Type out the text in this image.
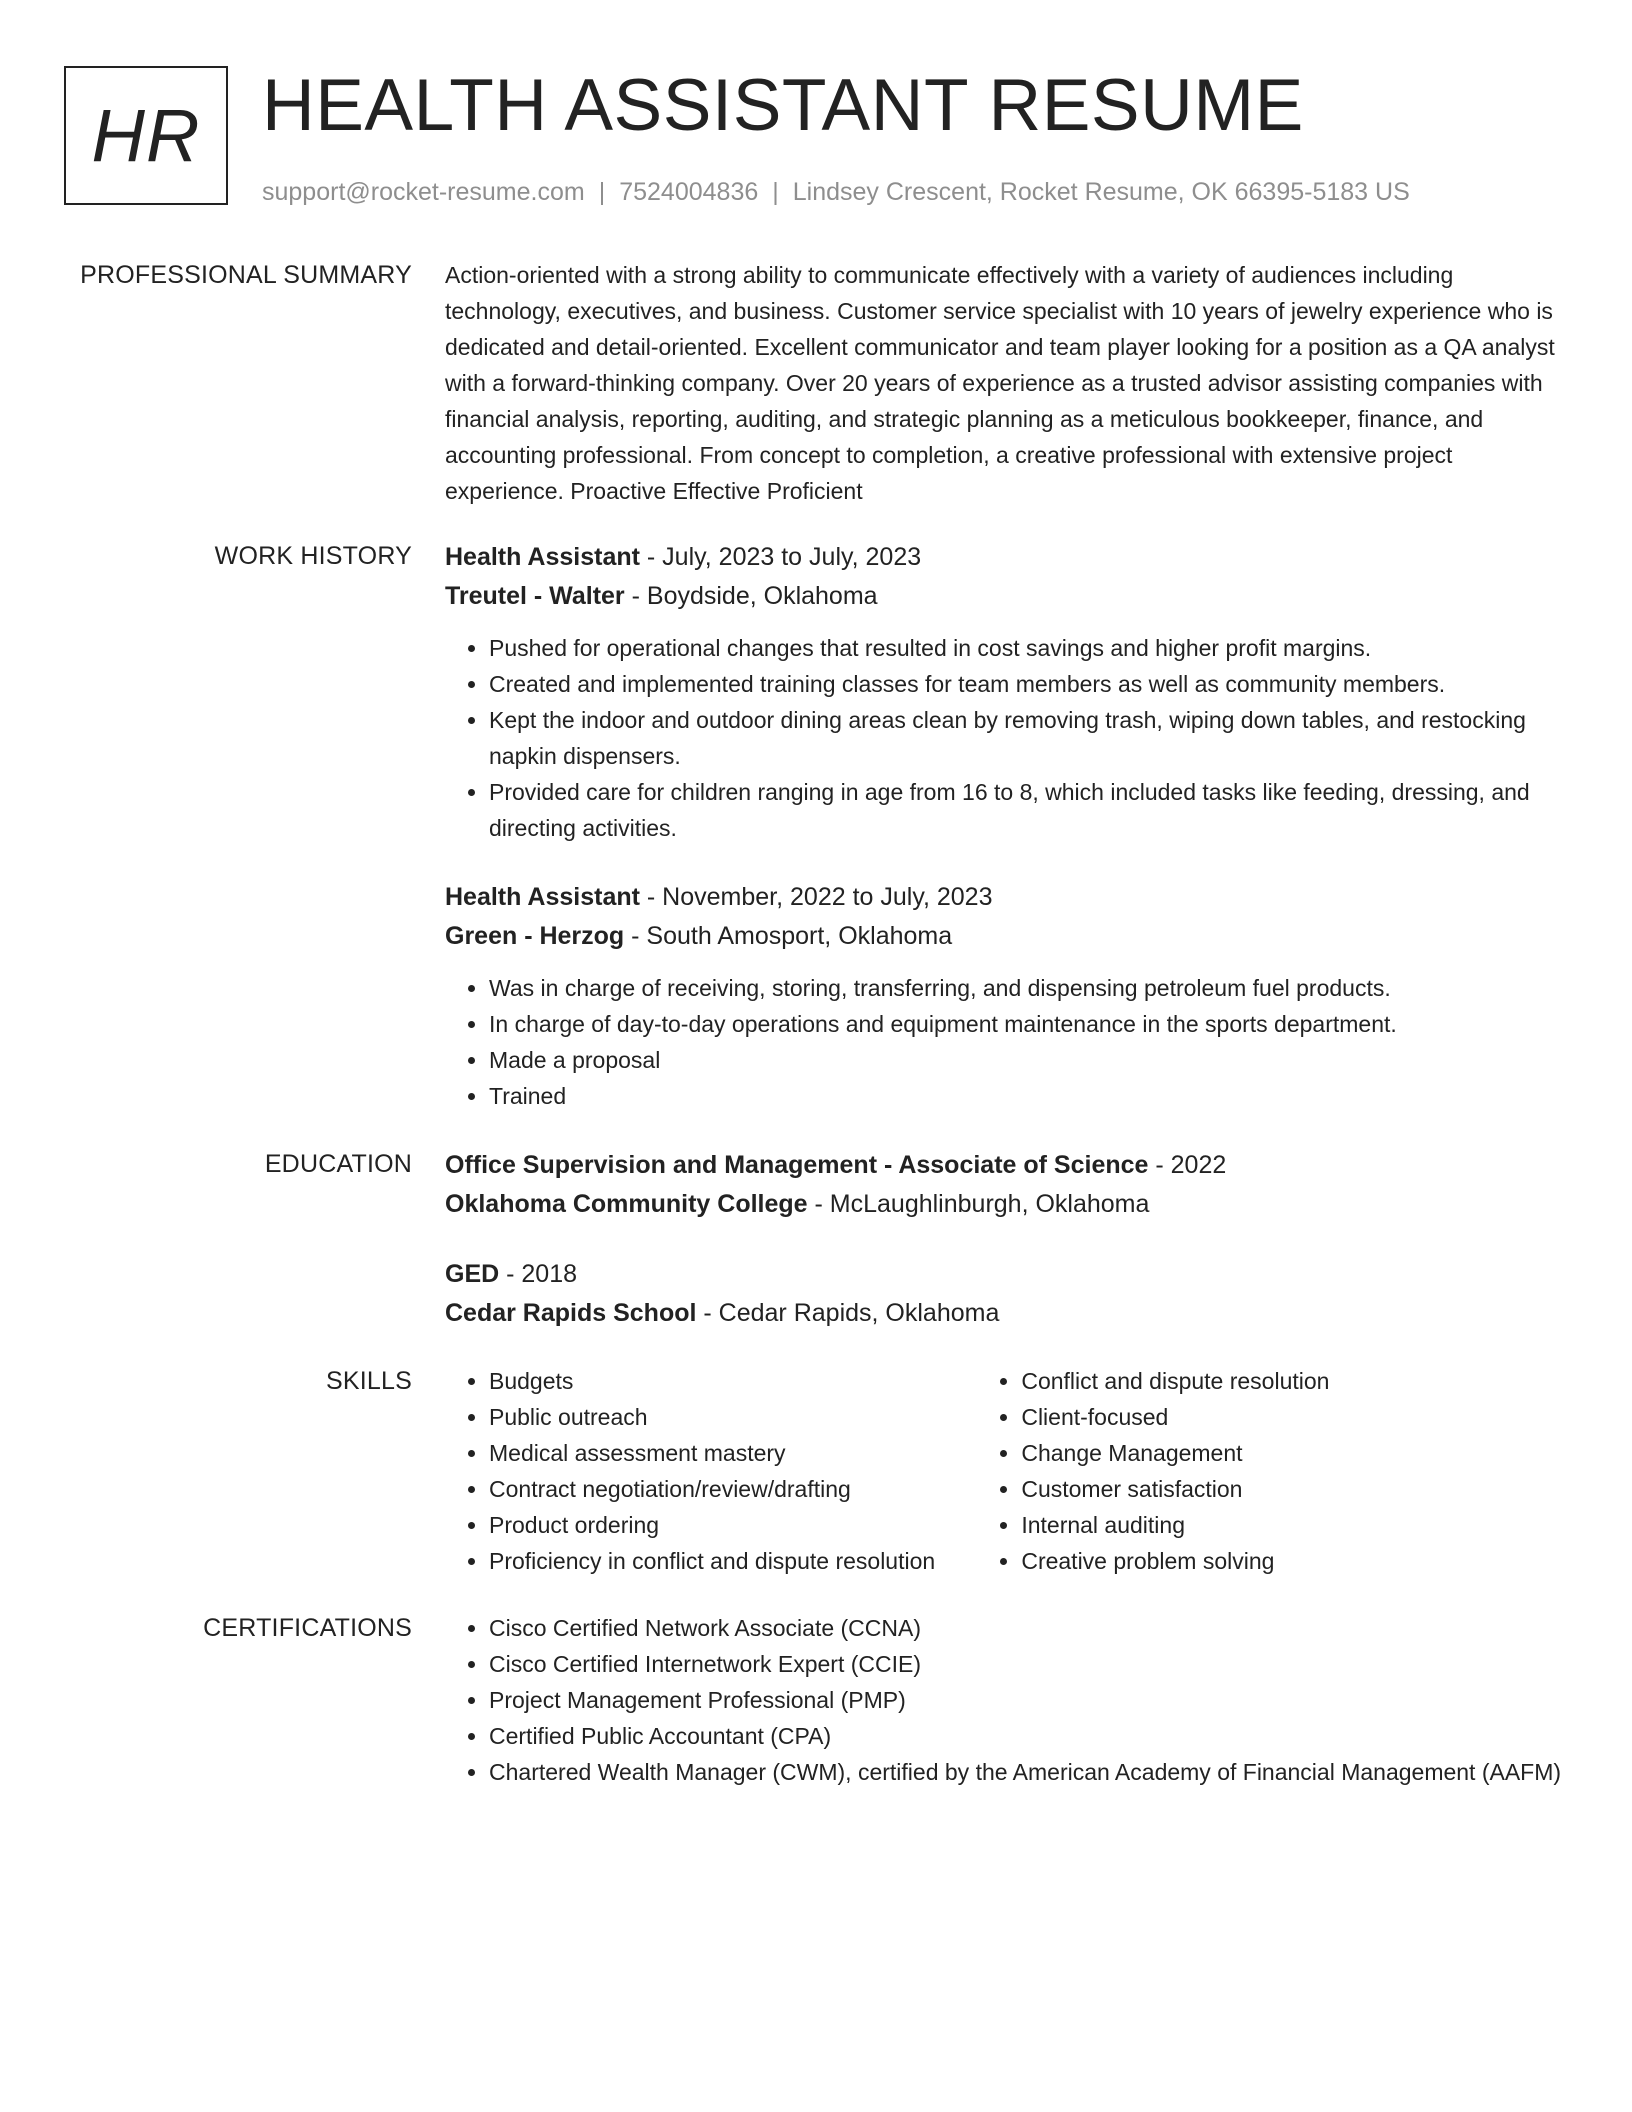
HR HEALTH ASSISTANT RESUME
support@rocket-resume.com | 7524004836 | Lindsey Crescent, Rocket Resume, OK 66395-5183 US
PROFESSIONAL SUMMARY Action-oriented with a strong ability to communicate effectively with a variety of audiences including technology, executives, and business. Customer service specialist with 10 years of jewelry experience who is dedicated and detail-oriented. Excellent communicator and team player looking for a position as a QA analyst with a forward-thinking company. Over 20 years of experience as a trusted advisor assisting companies with financial analysis, reporting, auditing, and strategic planning as a meticulous bookkeeper, finance, and accounting professional. From concept to completion, a creative professional with extensive project experience. Proactive Effective Proficient

WORK HISTORY Health Assistant - July, 2023 to July, 2023

Treutel - Walter - Boydside, Oklahoma

• Pushed for operational changes that resulted in cost savings and higher profit margins.
• Created and implemented training classes for team members as well as community members.
• Kept the indoor and outdoor dining areas clean by removing trash, wiping down tables, and restocking napkin dispensers.
• Provided care for children ranging in age from 16 to 8, which included tasks like feeding, dressing, and directing activities.

Health Assistant - November, 2022 to July, 2023

Green - Herzog - South Amosport, Oklahoma

• Was in charge of receiving, storing, transferring, and dispensing petroleum fuel products.
• In charge of day-to-day operations and equipment maintenance in the sports department.
• Made a proposal
• Trained
EDUCATION Office Supervision and Management - Associate of Science - 2022

Oklahoma Community College - McLaughlinburgh, Oklahoma

GED - 2018

Cedar Rapids School - Cedar Rapids, Oklahoma

SKILLS	• Budgets
• Public outreach
• Medical assessment mastery
• Contract negotiation/review/drafting
• Product ordering
• Proficiency in conflict and dispute resolution
• Conflict and dispute resolution
• Client-focused
• Change Management
• Customer satisfaction
• Internal auditing
• Creative problem solving
CERTIFICATIONS	• Cisco Certified Network Associate (CCNA)
• Cisco Certified Internetwork Expert (CCIE)
• Project Management Professional (PMP)
• Certified Public Accountant (CPA)
• Chartered Wealth Manager (CWM), certified by the American Academy of Financial Management (AAFM)
